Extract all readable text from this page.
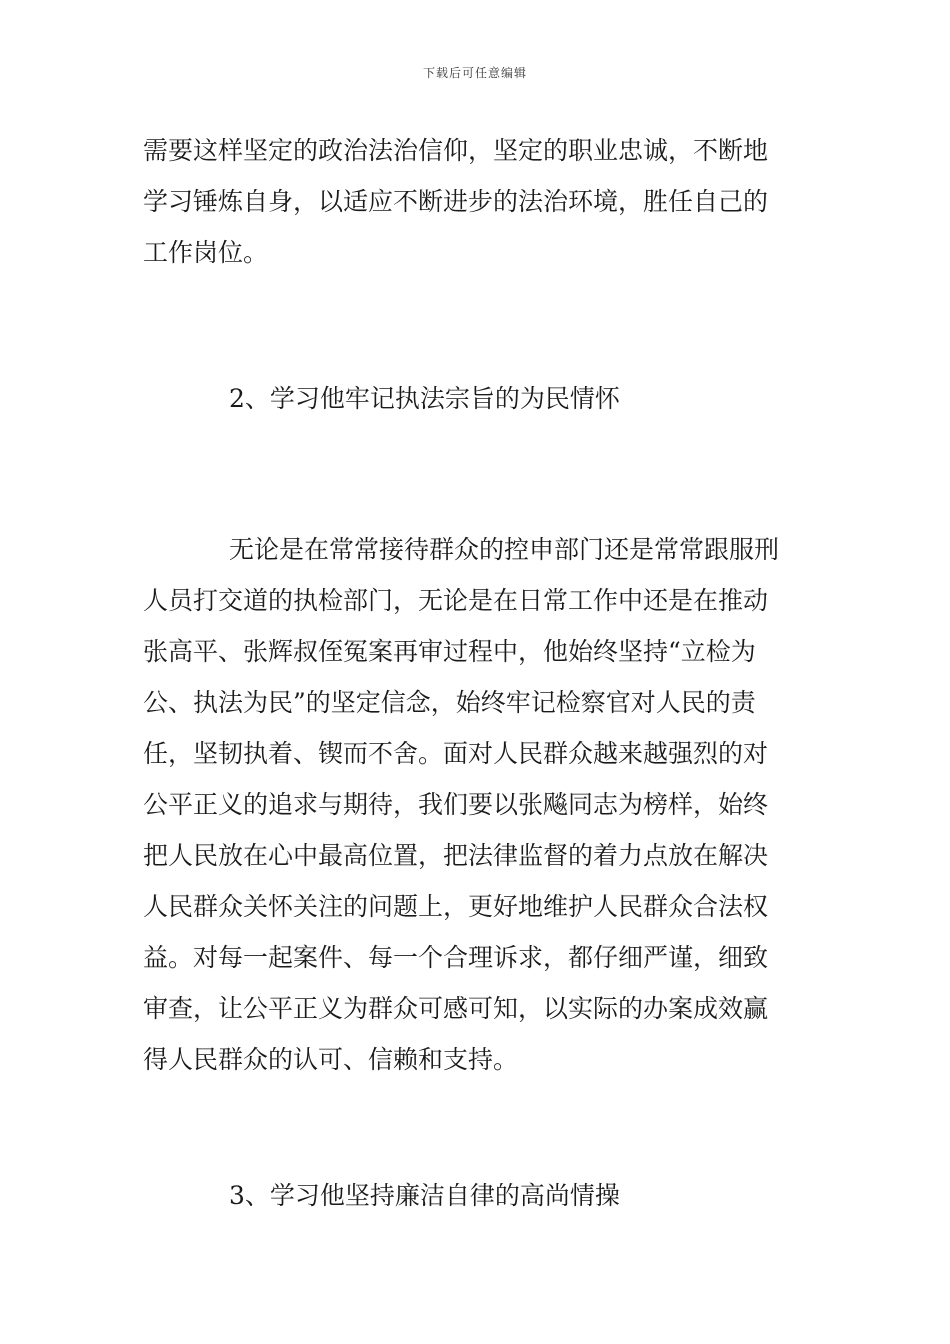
下载后可任意编辑
需要这样坚定的政治法治信仰，坚定的职业忠诚，不断地
学习锤炼自身，以适应不断进步的法治环境，胜任自己的
工作岗位。
2、学习他牢记执法宗旨的为民情怀
无论是在常常接待群众的控申部门还是常常跟服刑
人员打交道的执检部门，无论是在日常工作中还是在推动
张高平、张辉叔侄冤案再审过程中，他始终坚持“立检为
公、执法为民”的坚定信念，始终牢记检察官对人民的责
任，坚韧执着、锲而不舍。面对人民群众越来越强烈的对
公平正义的追求与期待，我们要以张飚同志为榜样，始终
把人民放在心中最高位置，把法律监督的着力点放在解决
人民群众关怀关注的问题上，更好地维护人民群众合法权
益。对每一起案件、每一个合理诉求，都仔细严谨，细致
审查，让公平正义为群众可感可知，以实际的办案成效赢
得人民群众的认可、信赖和支持。
3、学习他坚持廉洁自律的高尚情操
